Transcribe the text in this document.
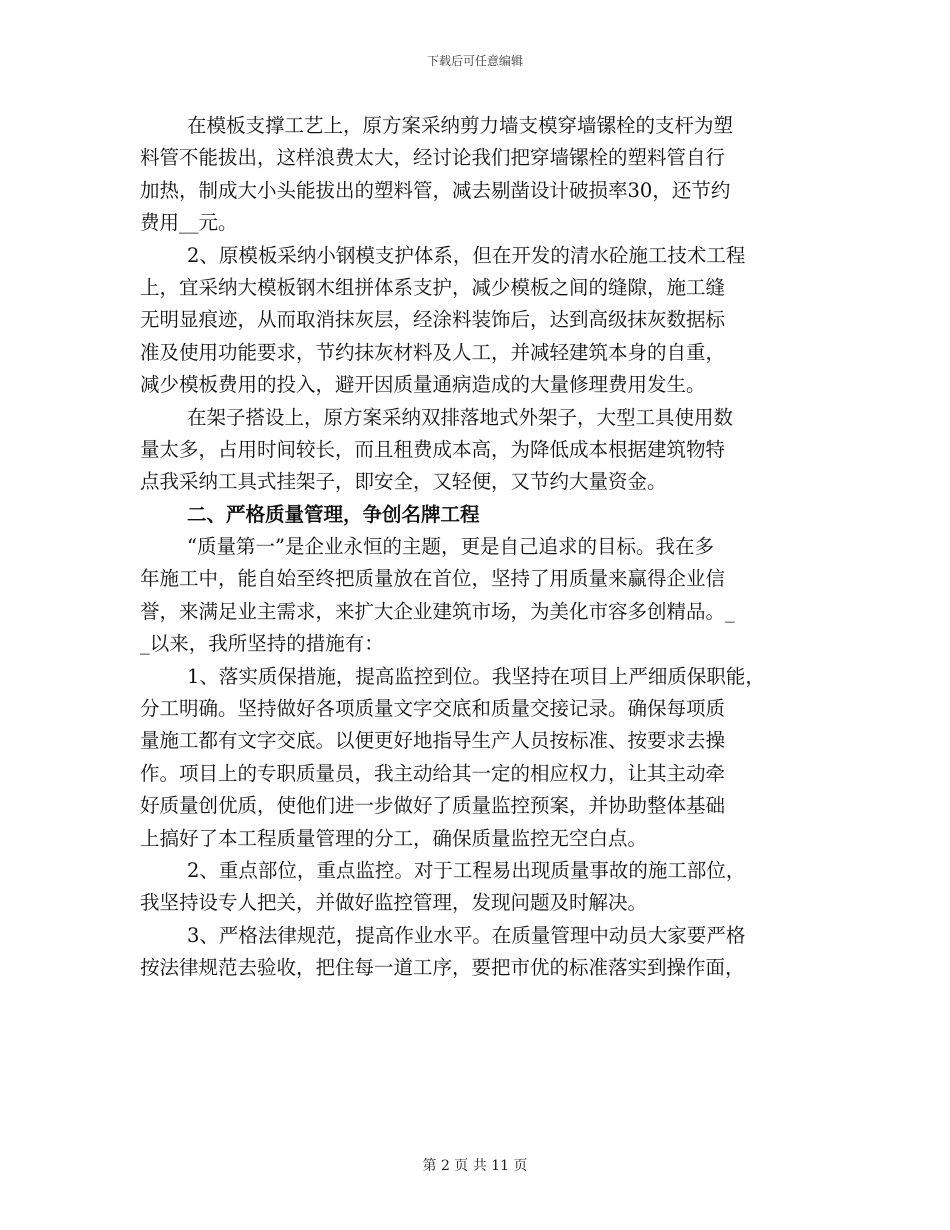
下载后可任意编辑
在模板支撑工艺上，原方案采纳剪力墙支模穿墙镙栓的支杆为塑
料管不能拔出，这样浪费太大，经讨论我们把穿墙镙栓的塑料管自行
加热，制成大小头能拔出的塑料管，减去剔凿设计破损率30，还节约
费用__元。
2、原模板采纳小钢模支护体系，但在开发的清水砼施工技术工程
上，宜采纳大模板钢木组拼体系支护，减少模板之间的缝隙，施工缝
无明显痕迹，从而取消抹灰层，经涂料装饰后，达到高级抹灰数据标
准及使用功能要求，节约抹灰材料及人工，并减轻建筑本身的自重，
减少模板费用的投入，避开因质量通病造成的大量修理费用发生。
在架子搭设上，原方案采纳双排落地式外架子，大型工具使用数
量太多，占用时间较长，而且租费成本高，为降低成本根据建筑物特
点我采纳工具式挂架子，即安全，又轻便，又节约大量资金。
二、严格质量管理，争创名牌工程
“质量第一”是企业永恒的主题，更是自己追求的目标。我在多
年施工中，能自始至终把质量放在首位，坚持了用质量来赢得企业信
誉，来满足业主需求，来扩大企业建筑市场，为美化市容多创精品。_
_以来，我所坚持的措施有：
1、落实质保措施，提高监控到位。我坚持在项目上严细质保职能，
分工明确。坚持做好各项质量文字交底和质量交接记录。确保每项质
量施工都有文字交底。以便更好地指导生产人员按标准、按要求去操
作。项目上的专职质量员，我主动给其一定的相应权力，让其主动牵
好质量创优质，使他们进一步做好了质量监控预案，并协助整体基础
上搞好了本工程质量管理的分工，确保质量监控无空白点。
2、重点部位，重点监控。对于工程易出现质量事故的施工部位，
我坚持设专人把关，并做好监控管理，发现问题及时解决。
3、严格法律规范，提高作业水平。在质量管理中动员大家要严格
按法律规范去验收，把住每一道工序，要把市优的标准落实到操作面，
第 2 页 共 11 页
